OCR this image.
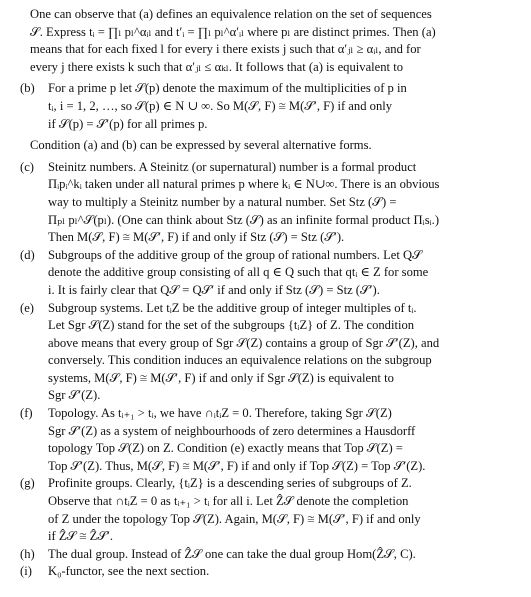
One can observe that (a) defines an equivalence relation on the set of sequences
𝒮. Express tᵢ = ∏ₗ pₗ^αᵢₗ and t′ᵢ = ∏ₗ pₗ^α′ᵢₗ where pₗ are distinct primes. Then (a)
means that for each fixed l for every i there exists j such that α′ⱼₗ ≥ αᵢₗ, and for
every j there exists k such that α′ⱼₗ ≤ αₖₗ. It follows that (a) is equivalent to

(b)	For a prime p let 𝒮(p) denote the maximum of the multiplicities of p in
tᵢ, i = 1, 2, …, so 𝒮(p) ∈ N ∪ ∞. So M(𝒮, F) ≅ M(𝒮′, F) if and only
if 𝒮(p) = 𝒮′(p) for all primes p.

Condition (a) and (b) can be expressed by several alternative forms.

(c)	Steinitz numbers. A Steinitz (or supernatural) number is a formal product
Πᵢpᵢ^kᵢ taken under all natural primes p where kᵢ ∈ N∪∞. There is an obvious
way to multiply a Steinitz number by a natural number. Set Stz (𝒮) =
Πₚₗ pₗ^𝒮(pₗ). (One can think about Stz (𝒮) as an infinite formal product Πᵢsᵢ.)
Then M(𝒮, F) ≅ M(𝒮′, F) if and only if Stz (𝒮) = Stz (𝒮′).
(d)	Subgroups of the additive group of the group of rational numbers. Let Q𝒮
denote the additive group consisting of all q ∈ Q such that qtᵢ ∈ Z for some
i. It is fairly clear that Q𝒮 = Q𝒮′ if and only if Stz (𝒮) = Stz (𝒮′).
(e)	Subgroup systems. Let tᵢZ be the additive group of integer multiples of tᵢ.
Let Sgr 𝒮(Z) stand for the set of the subgroups {tᵢZ} of Z. The condition
above means that every group of Sgr 𝒮(Z) contains a group of Sgr 𝒮′(Z), and
conversely. This condition induces an equivalence relations on the subgroup
systems, M(𝒮, F) ≅ M(𝒮′, F) if and only if Sgr 𝒮(Z) is equivalent to
Sgr 𝒮′(Z).
(f)	Topology. As tᵢ₊₁ > tᵢ, we have ∩ᵢtᵢZ = 0. Therefore, taking Sgr 𝒮(Z)
Sgr 𝒮′(Z) as a system of neighbourhoods of zero determines a Hausdorff
topology Top 𝒮(Z) on Z. Condition (e) exactly means that Top 𝒮(Z) =
Top 𝒮′(Z). Thus, M(𝒮, F) ≅ M(𝒮′, F) if and only if Top 𝒮(Z) = Top 𝒮′(Z).
(g)	Profinite groups. Clearly, {tᵢZ} is a descending series of subgroups of Z.
Observe that ∩tᵢZ = 0 as tᵢ₊₁ > tᵢ for all i. Let Ẑ𝒮 denote the completion
of Z under the topology Top 𝒮(Z). Again, M(𝒮, F) ≅ M(𝒮′, F) if and only
if Ẑ𝒮 ≅ Ẑ𝒮′.
(h)	The dual group. Instead of Ẑ𝒮 one can take the dual group Hom(Ẑ𝒮, C).
(i)	K₀-functor, see the next section.
